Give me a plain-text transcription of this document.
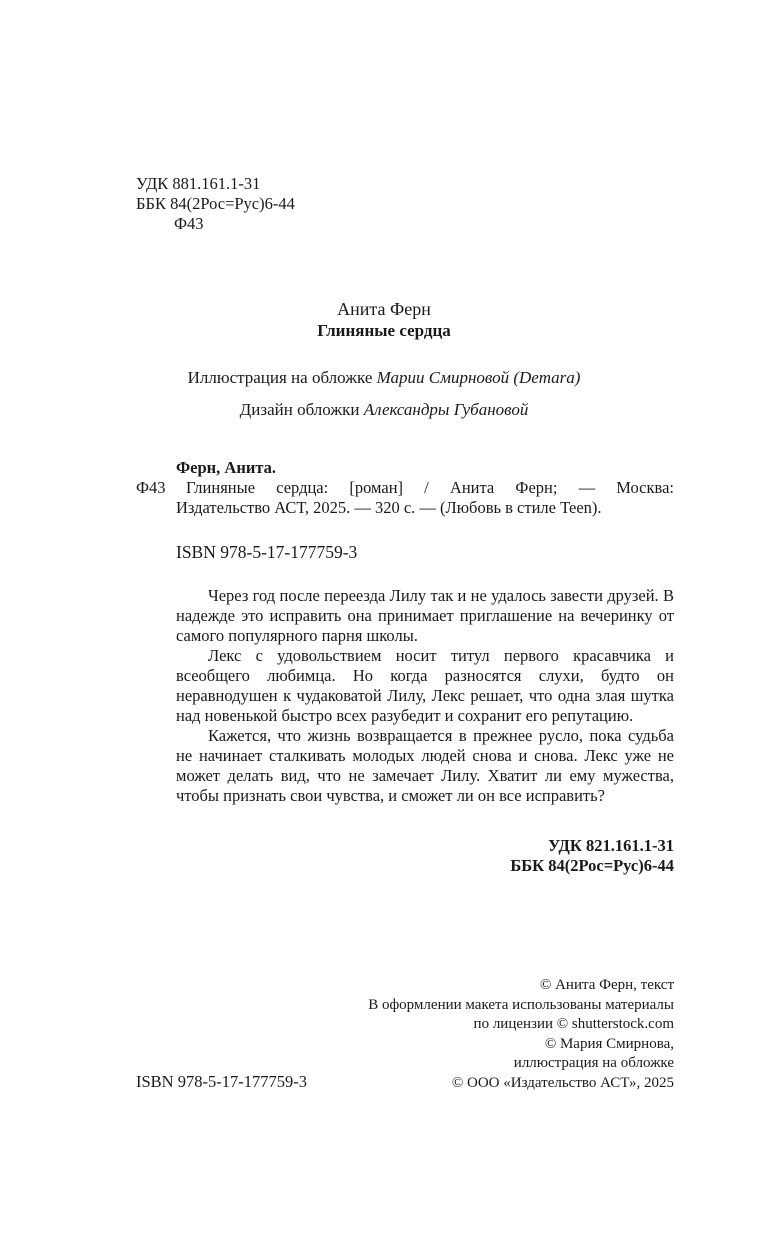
УДК 881.161.1-31
ББК 84(2Рос=Рус)6-44
Ф43
Анита Ферн
Глиняные сердца
Иллюстрация на обложке Марии Смирновой (Demara)
Дизайн обложки Александры Губановой
Ферн, Анита.
Ф43 Глиняные сердца: [роман] / Анита Ферн; — Москва:
Издательство АСТ, 2025. — 320 с. — (Любовь в стиле Teen).
ISBN 978-5-17-177759-3

Через год после переезда Лилу так и не удалось завести друзей. В надежде это исправить она принимает приглашение на вечеринку от самого популярного парня школы.

Лекс с удовольствием носит титул первого красавчика и всеобщего любимца. Но когда разносятся слухи, будто он неравнодушен к чудаковатой Лилу, Лекс решает, что одна злая шутка над новенькой быстро всех разубедит и сохранит его репутацию.

Кажется, что жизнь возвращается в прежнее русло, пока судьба не начинает сталкивать молодых людей снова и снова. Лекс уже не может делать вид, что не замечает Лилу. Хватит ли ему мужества, чтобы признать свои чувства, и сможет ли он все исправить?

УДК 821.161.1-31
ББК 84(2Рос=Рус)6-44
ISBN 978-5-17-177759-3
© Анита Ферн, текст
В оформлении макета использованы материалы
по лицензии © shutterstock.com
© Мария Смирнова,
иллюстрация на обложке
© ООО «Издательство АСТ», 2025
